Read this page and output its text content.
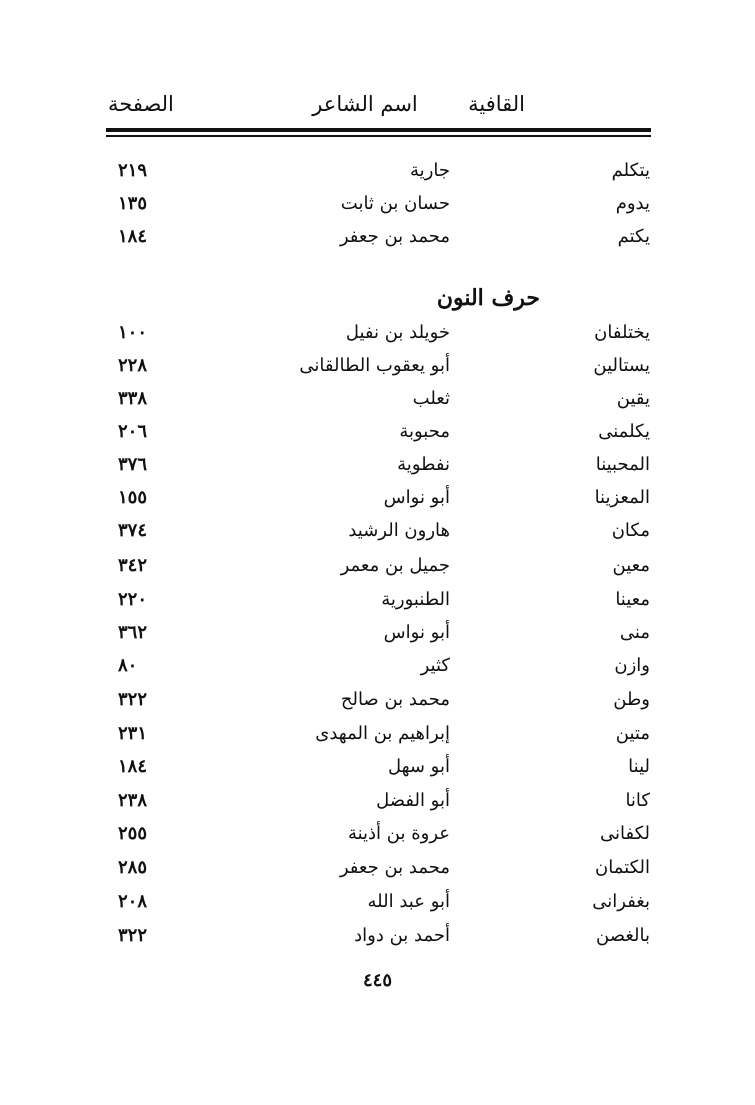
القافية
اسم الشاعر
الصفحة
يتكلم
جارية
٢١٩
يدوم
حسان بن ثابت
١٣٥
يكتم
محمد بن جعفر
١٨٤
حرف النون
يختلفان
خويلد بن نفيل
١٠٠
يستالين
أبو يعقوب الطالقانى
٢٢٨
يقين
ثعلب
٣٣٨
يكلمنى
محبوبة
٢٠٦
المحبينا
نفطوية
٣٧٦
المعزينا
أبو نواس
١٥٥
مكان
هارون الرشيد
٣٧٤
معين
جميل بن معمر
٣٤٢
معينا
الطنبورية
٢٢٠
منى
أبو نواس
٣٦٢
وازن
كثير
٨٠
وطن
محمد بن صالح
٣٢٢
متين
إبراهيم بن المهدى
٢٣١
لينا
أبو سهل
١٨٤
كانا
أبو الفضل
٢٣٨
لكفانى
عروة بن أذينة
٢٥٥
الكتمان
محمد بن جعفر
٢٨٥
بغفرانى
أبو عبد الله
٢٠٨
بالغصن
أحمد بن دواد
٣٢٢
٤٤٥
